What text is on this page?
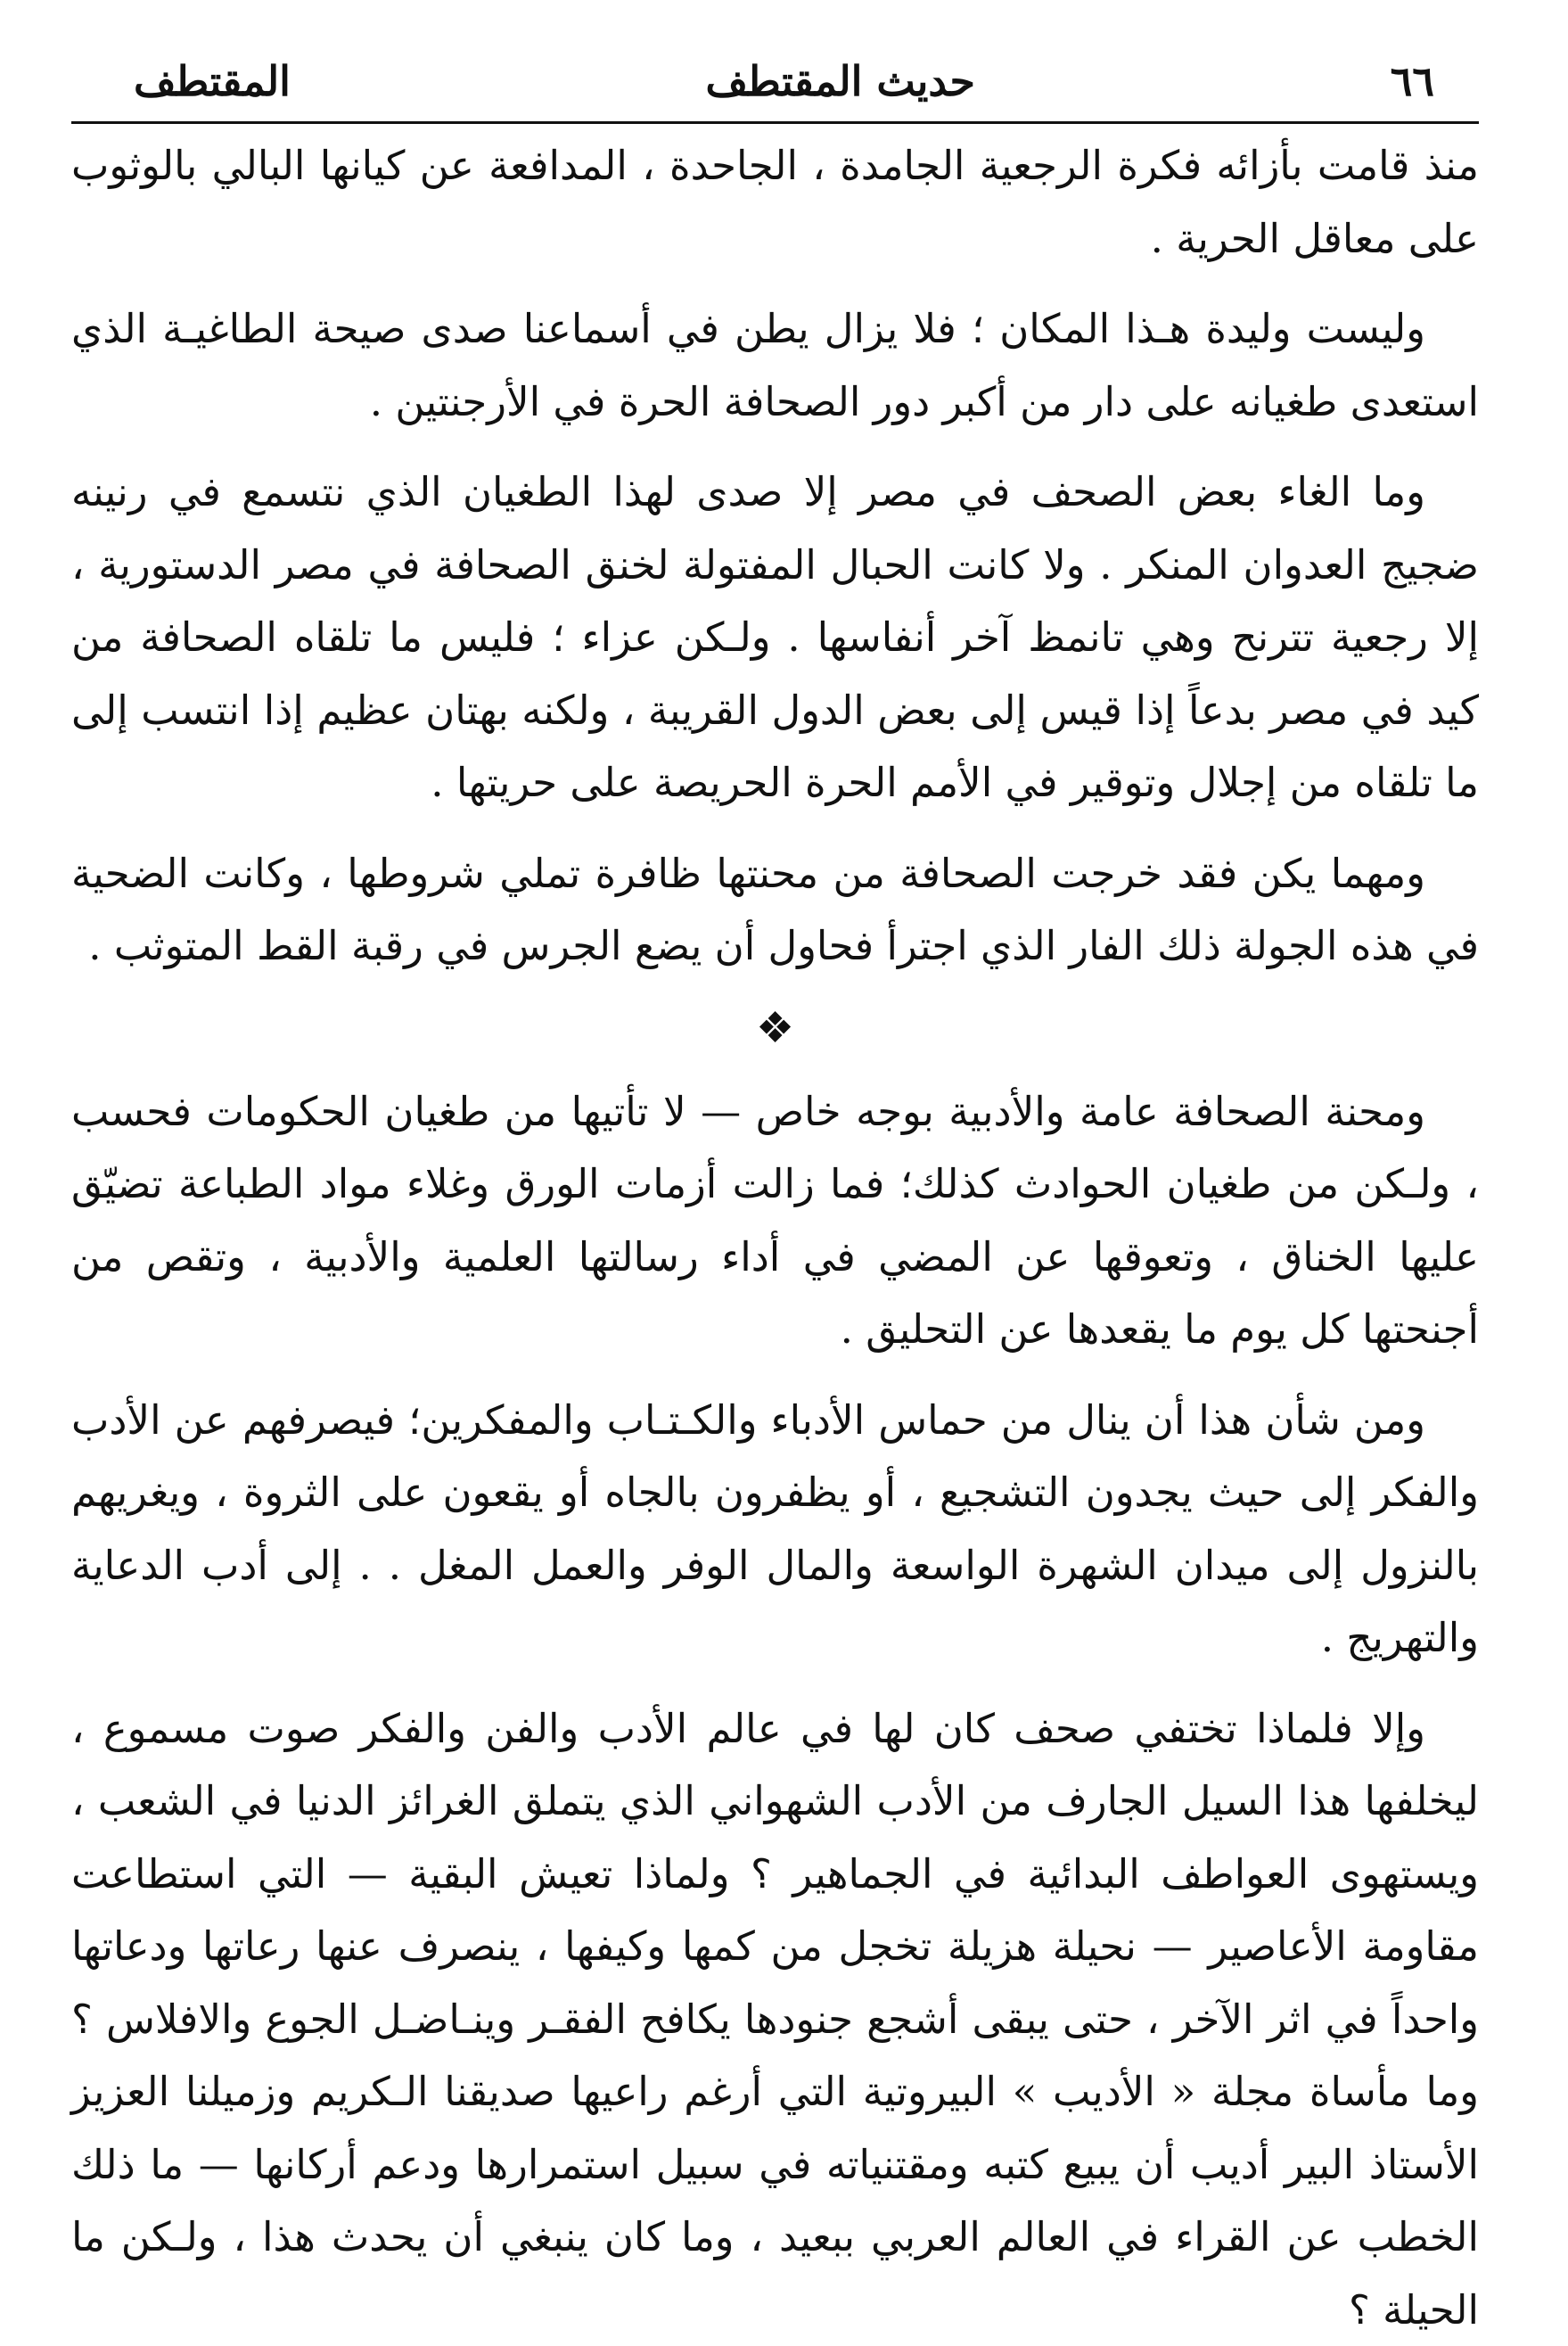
٦٦
حديث المقتطف
المقتطف

منذ قامت بأزائه فكرة الرجعية الجامدة ، الجاحدة ، المدافعة عن كيانها البالي بالوثوب على معاقل الحرية .

وليست وليدة هـذا المكان ؛ فلا يزال يطن في أسماعنا صدى صيحة الطاغيـة الذي استعدى طغيانه على دار من أكبر دور الصحافة الحرة في الأرجنتين .

وما الغاء بعض الصحف في مصر إلا صدى لهذا الطغيان الذي نتسمع في رنينه ضجيج العدوان المنكر . ولا كانت الحبال المفتولة لخنق الصحافة في مصر الدستورية ، إلا رجعية تترنح وهي تانمظ آخر أنفاسها . ولـكن عزاء ؛ فليس ما تلقاه الصحافة من كيد في مصر بدعاً إذا قيس إلى بعض الدول القريبة ، ولكنه بهتان عظيم إذا انتسب إلى ما تلقاه من إجلال وتوقير في الأمم الحرة الحريصة على حريتها .

ومهما يكن فقد خرجت الصحافة من محنتها ظافرة تملي شروطها ، وكانت الضحية في هذه الجولة ذلك الفار الذي اجترأ فحاول أن يضع الجرس في رقبة القط المتوثب .

❖

ومحنة الصحافة عامة والأدبية بوجه خاص — لا تأتيها من طغيان الحكومات فحسب ، ولـكن من طغيان الحوادث كذلك؛ فما زالت أزمات الورق وغلاء مواد الطباعة تضيّق عليها الخناق ، وتعوقها عن المضي في أداء رسالتها العلمية والأدبية ، وتقص من أجنحتها كل يوم ما يقعدها عن التحليق .

ومن شأن هذا أن ينال من حماس الأدباء والكـتـاب والمفكرين؛ فيصرفهم عن الأدب والفكر إلى حيث يجدون التشجيع ، أو يظفرون بالجاه أو يقعون على الثروة ، ويغريهم بالنزول إلى ميدان الشهرة الواسعة والمال الوفر والعمل المغل . . إلى أدب الدعاية والتهريج .

وإلا فلماذا تختفي صحف كان لها في عالم الأدب والفن والفكر صوت مسموع ، ليخلفها هذا السيل الجارف من الأدب الشهواني الذي يتملق الغرائز الدنيا في الشعب ، ويستهوى العواطف البدائية في الجماهير ؟ ولماذا تعيش البقية — التي استطاعت مقاومة الأعاصير — نحيلة هزيلة تخجل من كمها وكيفها ، ينصرف عنها رعاتها ودعاتها واحداً في اثر الآخر ، حتى يبقى أشجع جنودها يكافح الفقـر وينـاضـل الجوع والافلاس ؟ وما مأساة مجلة « الأديب » البيروتية التي أرغم راعيها صديقنا الـكريم وزميلنا العزيز الأستاذ البير أديب أن يبيع كتبه ومقتنياته في سبيل استمرارها ودعم أركانها — ما ذلك الخطب عن القراء في العالم العربي ببعيد ، وما كان ينبغي أن يحدث هذا ، ولـكن ما الحيلة ؟
